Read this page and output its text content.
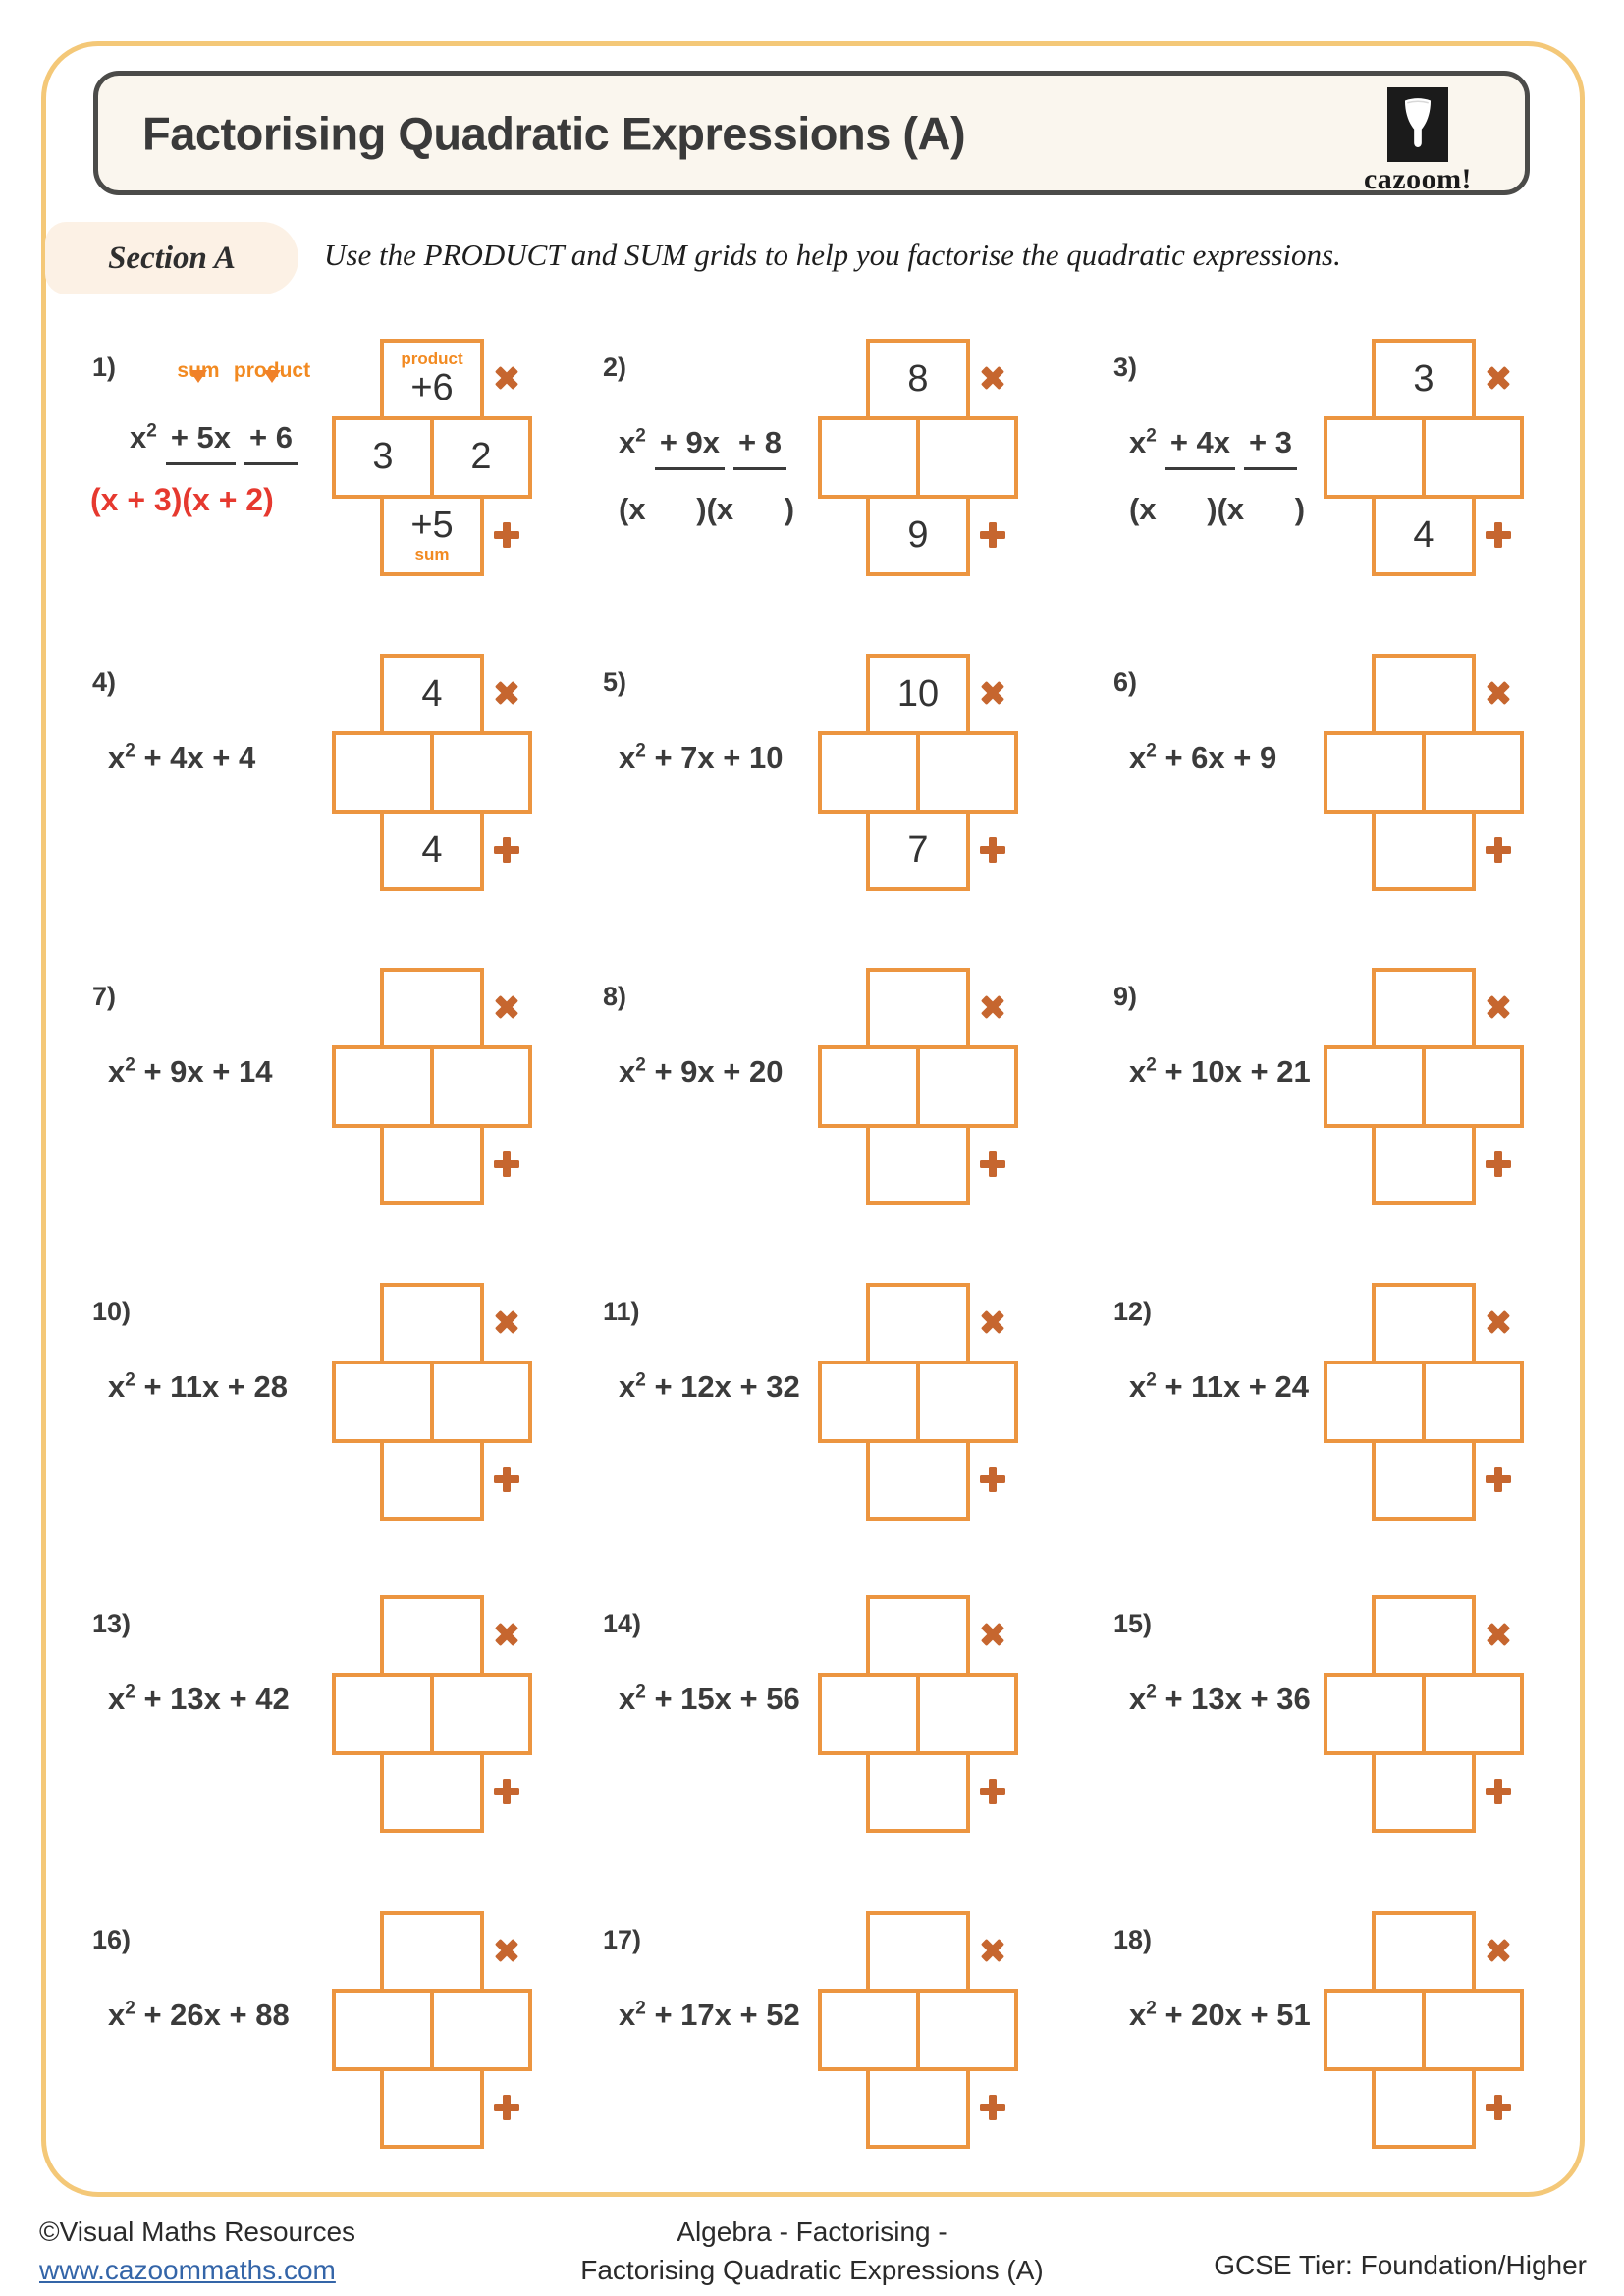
Factorising Quadratic Expressions (A)
cazoom!
Section A	Use the PRODUCT and SUM grids to help you factorise the quadratic expressions.
1)	sum product
$x^2 + 5x + 6$
(x + 3)(x + 2)
product
+6
3 2
+5
sum
2)
$x^2 + 9x + 8$
(x      )(x      )
8
9
3)
$x^2 + 4x + 3$
(x      )(x      )
3
4
4)
$x^2 + 4x + 4$
4
4
5)
$x^2 + 7x + 10$
10
7
6)
$x^2 + 6x + 9$
7)
$x^2 + 9x + 14$
8)
$x^2 + 9x + 20$
9)
$x^2 + 10x + 21$
10)
$x^2 + 11x + 28$
11)
$x^2 + 12x + 32$
12)
$x^2 + 11x + 24$
13)
$x^2 + 13x + 42$
14)
$x^2 + 15x + 56$
15)
$x^2 + 13x + 36$
16)
$x^2 + 26x + 88$
17)
$x^2 + 17x + 52$
18)
$x^2 + 20x + 51$
©Visual Maths Resources
www.cazoommaths.com
Algebra - Factorising -
Factorising Quadratic Expressions (A)	GCSE Tier: Foundation/Higher
